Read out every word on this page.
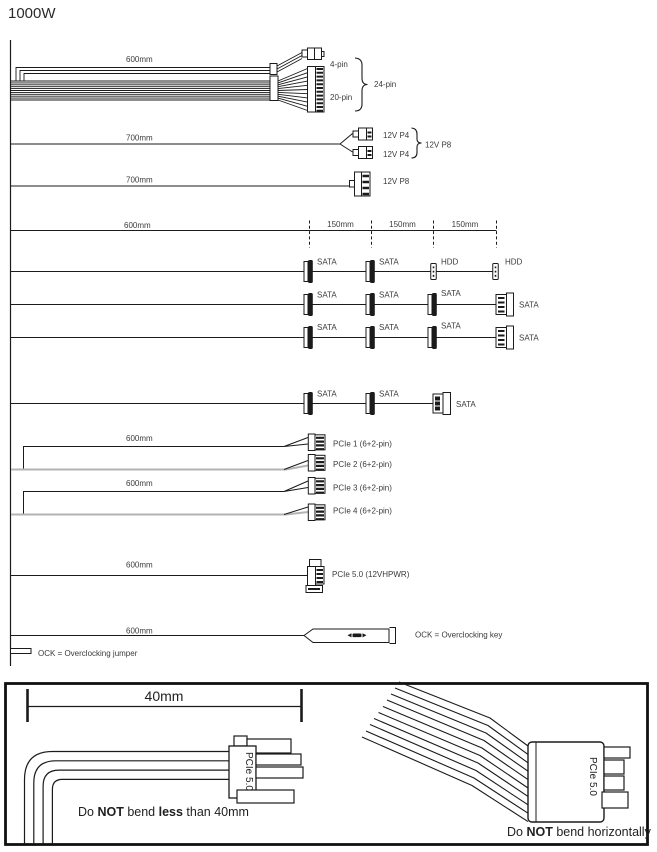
1000W
600mm
4-pin
20-pin
24-pin
700mm	12V P4
12V P4
12V P8
700mm	12V P8
600mm	150mm	150mm	150mm
SATA	SATA	HDD	HDD
SATA	SATA	SATA
SATA
SATA	SATA	SATA
SATA
SATA	SATA
SATA
600mm
PCIe 1 (6+2-pin)
PCIe 2 (6+2-pin)
600mm	PCIe 3 (6+2-pin)
PCIe 4 (6+2-pin)
600mm
PCIe 5.0 (12VHPWR)
600mm	OCK = Overclocking key
OCK = Overclocking jumper
40mm
PCIe 5.0
Do NOT bend less than 40mm
PCIe 5.0
Do NOT bend horizontally
